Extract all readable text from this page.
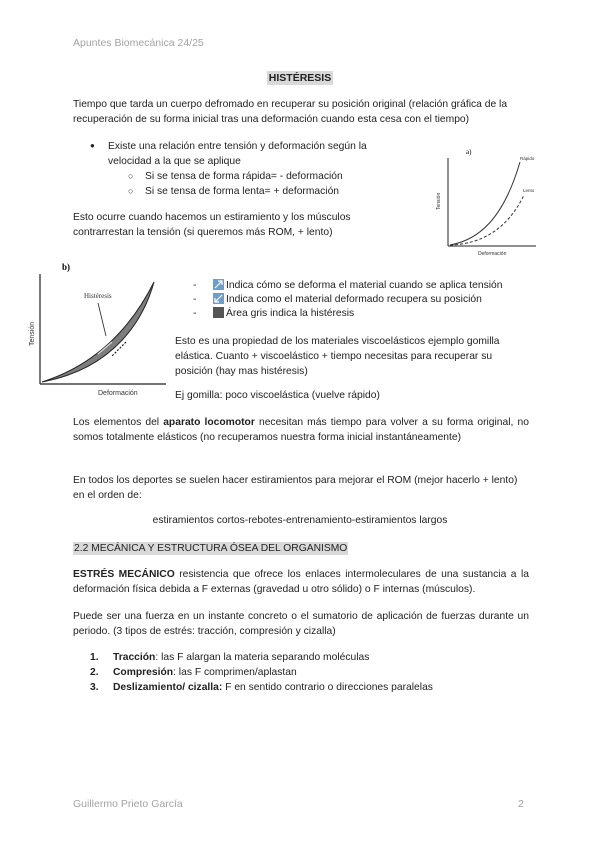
Apuntes Biomecánica 24/25
HISTÉRESIS

Tiempo que tarda un cuerpo defromado en recuperar su posición original (relación gráfica de la recuperación de su forma inicial tras una deformación cuando esta cesa con el tiempo)

● Existe una relación entre tensión y deformación según la velocidad a la que se aplique
○ Si se tensa de forma rápida= - deformación
○ Si se tensa de forma lenta= + deformación

Esto ocurre cuando hacemos un estiramiento y los músculos contrarrestan la tensión (si queremos más ROM, + lento)

a)
Tensión
Deformación
Rápido
Lento
b)
Tensión
Deformación
Histéresis
- Indica cómo se deforma el material cuando se aplica tensión
- Indica como el material deformado recupera su posición
- Área gris indica la histéresis

Esto es una propiedad de los materiales viscoelásticos ejemplo gomilla elástica. Cuanto + viscoelástico + tiempo necesitas para recuperar su posición (hay mas histéresis)

Ej gomilla: poco viscoelástica (vuelve rápido)

Los elementos del aparato locomotor necesitan más tiempo para volver a su forma original, no somos totalmente elásticos (no recuperamos nuestra forma inicial instantáneamente)

En todos los deportes se suelen hacer estiramientos para mejorar el ROM (mejor hacerlo + lento) en el orden de:

estiramientos cortos-rebotes-entrenamiento-estiramientos largos
2.2 MECÁNICA Y ESTRUCTURA ÓSEA DEL ORGANISMO

ESTRÉS MECÁNICO resistencia que ofrece los enlaces intermoleculares de una sustancia a la deformación física debida a F externas (gravedad u otro sólido) o F internas (músculos).

Puede ser una fuerza en un instante concreto o el sumatorio de aplicación de fuerzas durante un periodo. (3 tipos de estrés: tracción, compresión y cizalla)

1. Tracción: las F alargan la materia separando moléculas
2. Compresión: las F comprimen/aplastan
3. Deslizamiento/ cizalla: F en sentido contrario o direcciones paralelas
Guillermo Prieto García	2
